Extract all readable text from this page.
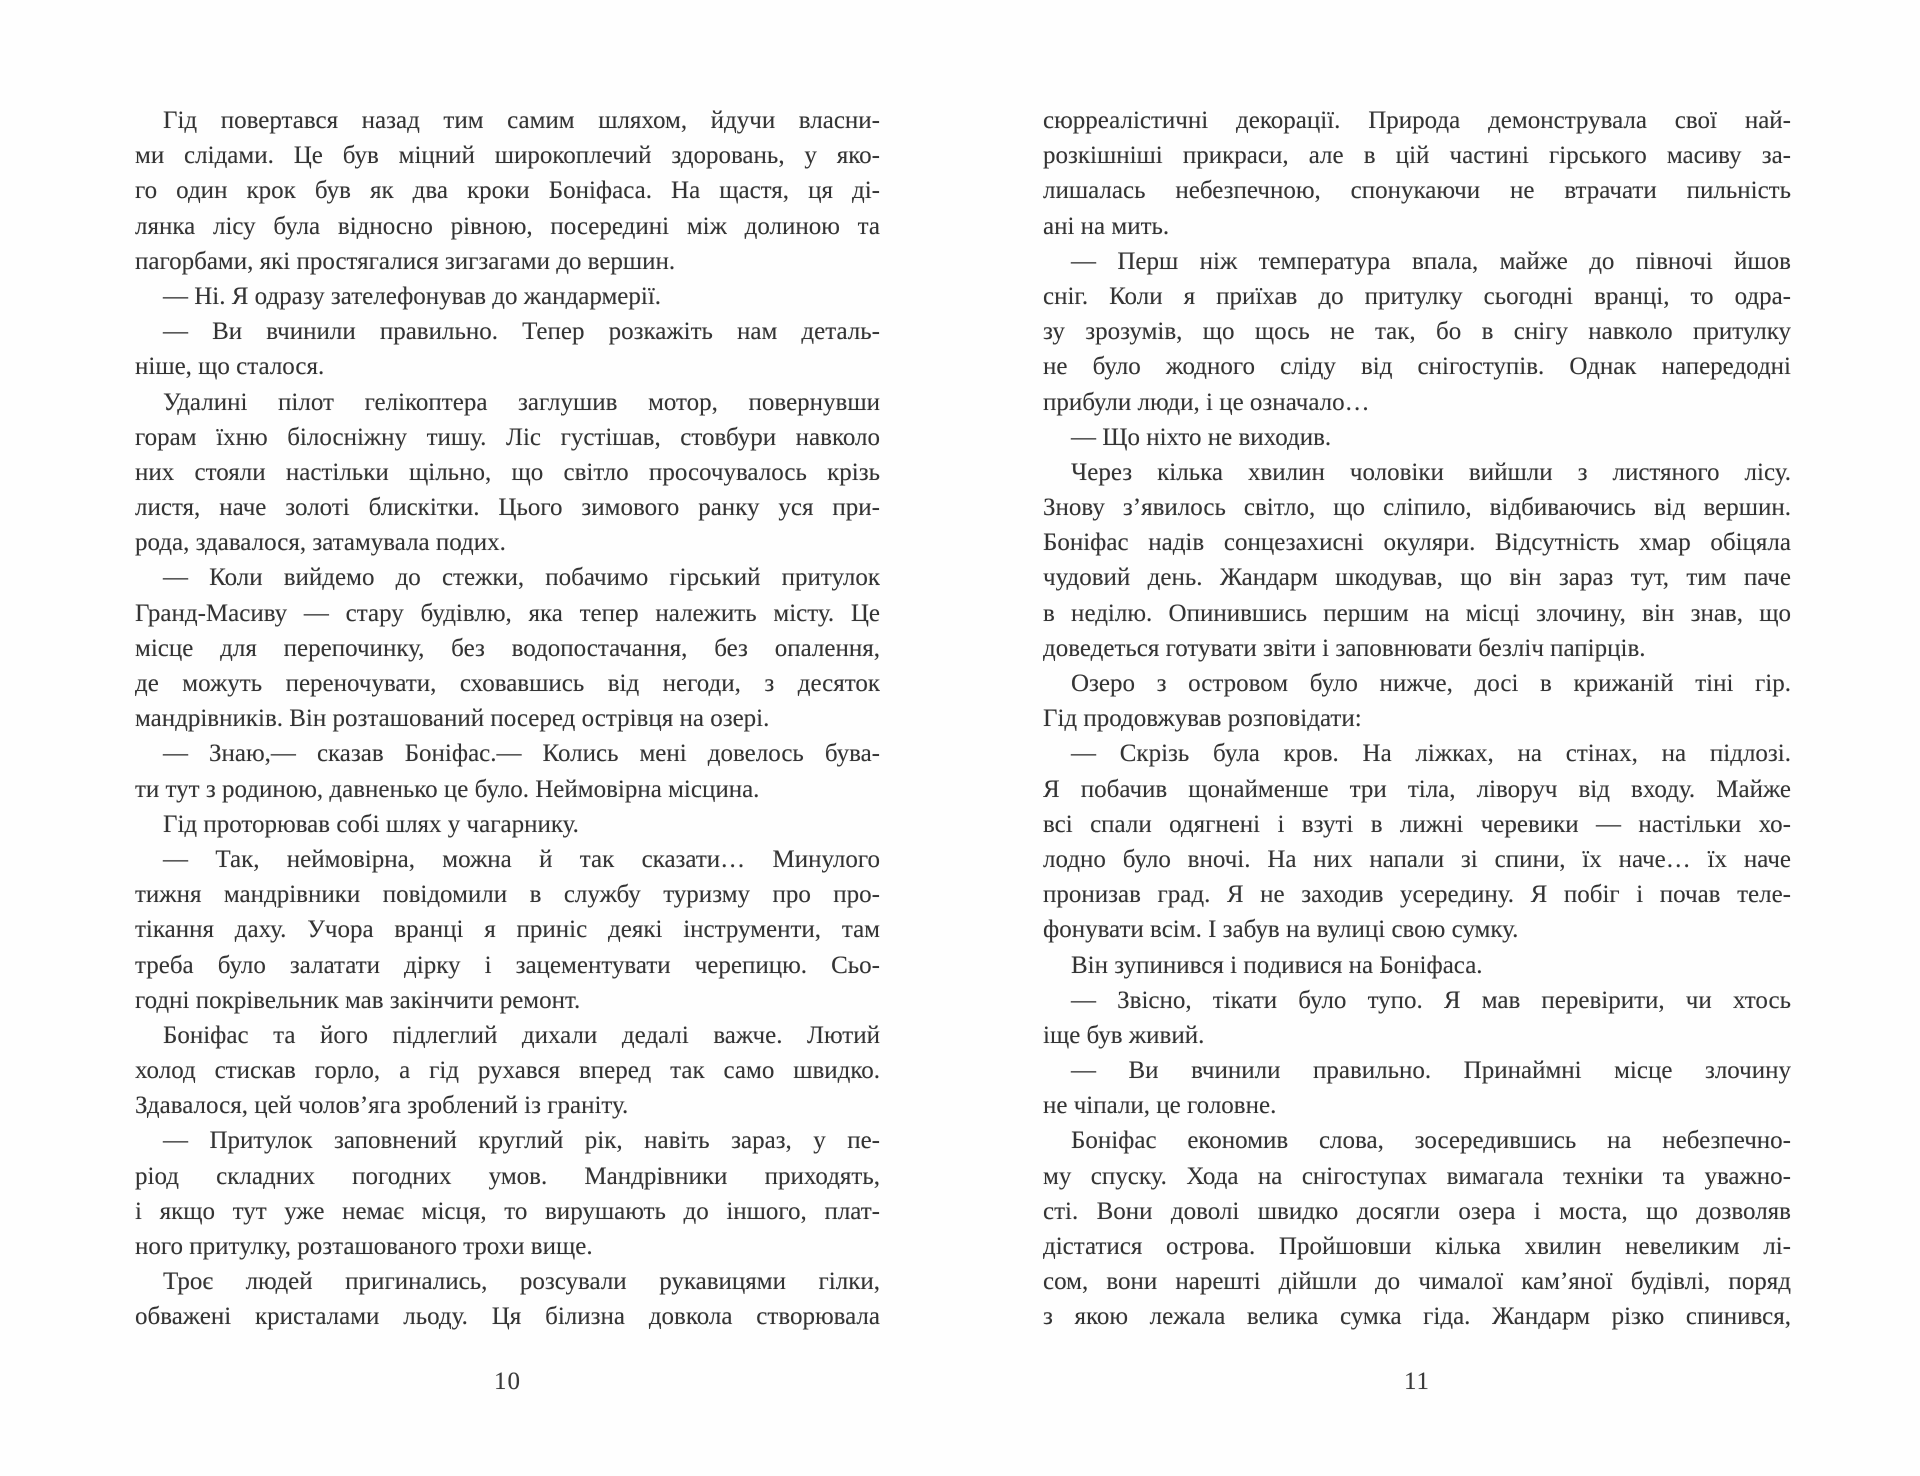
Гід повертався назад тим самим шляхом, йдучи власни-
ми слідами. Це був міцний широкоплечий здоровань, у яко-
го один крок був як два кроки Боніфаса. На щастя, ця ді-
лянка лісу була відносно рівною, посередині між долиною та
пагорбами, які простягалися зигзагами до вершин.
— Ні. Я одразу зателефонував до жандармерії.
— Ви вчинили правильно. Тепер розкажіть нам деталь-
ніше, що сталося.
Удалині пілот гелікоптера заглушив мотор, повернувши
горам їхню білосніжну тишу. Ліс густішав, стовбури навколо
них стояли настільки щільно, що світло просочувалось крізь
листя, наче золоті блискітки. Цього зимового ранку уся при-
рода, здавалося, затамувала подих.
— Коли вийдемо до стежки, побачимо гірський притулок
Гранд-Масиву — стару будівлю, яка тепер належить місту. Це
місце для перепочинку, без водопостачання, без опалення,
де можуть переночувати, сховавшись від негоди, з десяток
мандрівників. Він розташований посеред острівця на озері.
— Знаю,— сказав Боніфас.— Колись мені довелось бува-
ти тут з родиною, давненько це було. Неймовірна місцина.
Гід проторював собі шлях у чагарнику.
— Так, неймовірна, можна й так сказати… Минулого
тижня мандрівники повідомили в службу туризму про про-
тікання даху. Учора вранці я приніс деякі інструменти, там
треба було залатати дірку і зацементувати черепицю. Сьо-
годні покрівельник мав закінчити ремонт.
Боніфас та його підлеглий дихали дедалі важче. Лютий
холод стискав горло, а гід рухався вперед так само швидко.
Здавалося, цей чолов’яга зроблений із граніту.
— Притулок заповнений круглий рік, навіть зараз, у пе-
ріод складних погодних умов. Мандрівники приходять,
і якщо тут уже немає місця, то вирушають до іншого, плат-
ного притулку, розташованого трохи вище.
Троє людей пригинались, розсували рукавицями гілки,
обважені кристалами льоду. Ця білизна довкола створювала
10
сюрреалістичні декорації. Природа демонструвала свої най-
розкішніші прикраси, але в цій частині гірського масиву за-
лишалась небезпечною, спонукаючи не втрачати пильність
ані на мить.
— Перш ніж температура впала, майже до півночі йшов
сніг. Коли я приїхав до притулку сьогодні вранці, то одра-
зу зрозумів, що щось не так, бо в снігу навколо притулку
не було жодного сліду від снігоступів. Однак напередодні
прибули люди, і це означало…
— Що ніхто не виходив.
Через кілька хвилин чоловіки вийшли з листяного лісу.
Знову з’явилось світло, що сліпило, відбиваючись від вершин.
Боніфас надів сонцезахисні окуляри. Відсутність хмар обіцяла
чудовий день. Жандарм шкодував, що він зараз тут, тим паче
в неділю. Опинившись першим на місці злочину, він знав, що
доведеться готувати звіти і заповнювати безліч папірців.
Озеро з островом було нижче, досі в крижаній тіні гір.
Гід продовжував розповідати:
— Скрізь була кров. На ліжках, на стінах, на підлозі.
Я побачив щонайменше три тіла, ліворуч від входу. Майже
всі спали одягнені і взуті в лижні черевики — настільки хо-
лодно було вночі. На них напали зі спини, їх наче… їх наче
пронизав град. Я не заходив усередину. Я побіг і почав теле-
фонувати всім. І забув на вулиці свою сумку.
Він зупинився і подивися на Боніфаса.
— Звісно, тікати було тупо. Я мав перевірити, чи хтось
іще був живий.
— Ви вчинили правильно. Принаймні місце злочину
не чіпали, це головне.
Боніфас економив слова, зосередившись на небезпечно-
му спуску. Хода на снігоступах вимагала техніки та уважно-
сті. Вони доволі швидко досягли озера і моста, що дозволяв
дістатися острова. Пройшовши кілька хвилин невеликим лі-
сом, вони нарешті дійшли до чималої кам’яної будівлі, поряд
з якою лежала велика сумка гіда. Жандарм різко спинився,
11
